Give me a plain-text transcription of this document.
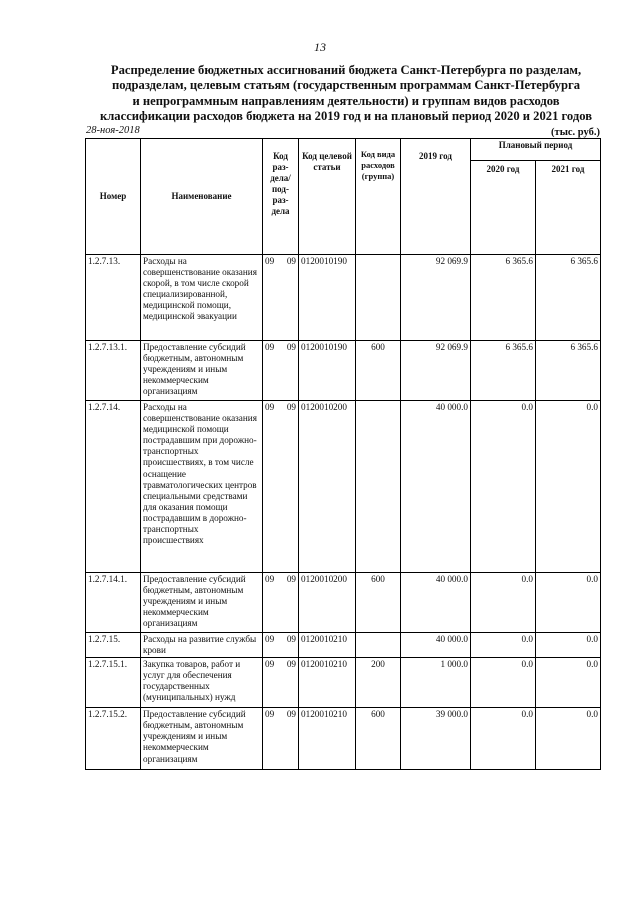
13
Распределение бюджетных ассигнований бюджета Санкт-Петербурга по разделам,
подразделам, целевым статьям (государственным программам Санкт-Петербурга
и непрограммным направлениям деятельности) и группам видов расходов
классификации расходов бюджета на 2019 год и на плановый период 2020 и 2021 годов
28-ноя-2018	(тыс. руб.)
Номер	Наименование	Код раз-дела/ под-раз-дела	Код целевой статьи	Код вида расходов (группа)	2019 год	Плановый период	
						2020 год	2021 год
1.2.7.13.	Расходы на совершенствование оказания скорой, в том числе скорой специализированной, медицинской помощи, медицинской эвакуации	09 09	0120010190		92 069.9	6 365.6	6 365.6
1.2.7.13.1.	Предоставление субсидий бюджетным, автономным учреждениям и иным некоммерческим организациям	09 09	0120010190	600	92 069.9	6 365.6	6 365.6
1.2.7.14.	Расходы на совершенствование оказания медицинской помощи пострадавшим при дорожно-транспортных происшествиях, в том числе оснащение травматологических центров специальными средствами для оказания помощи пострадавшим в дорожно-транспортных происшествиях	09 09	0120010200		40 000.0	0.0	0.0
1.2.7.14.1.	Предоставление субсидий бюджетным, автономным учреждениям и иным некоммерческим организациям	09 09	0120010200	600	40 000.0	0.0	0.0
1.2.7.15.	Расходы на развитие службы крови	09 09	0120010210		40 000.0	0.0	0.0
1.2.7.15.1.	Закупка товаров, работ и услуг для обеспечения государственных (муниципальных) нужд	09 09	0120010210	200	1 000.0	0.0	0.0
1.2.7.15.2.	Предоставление субсидий бюджетным, автономным учреждениям и иным некоммерческим организациям	09 09	0120010210	600	39 000.0	0.0	0.0
